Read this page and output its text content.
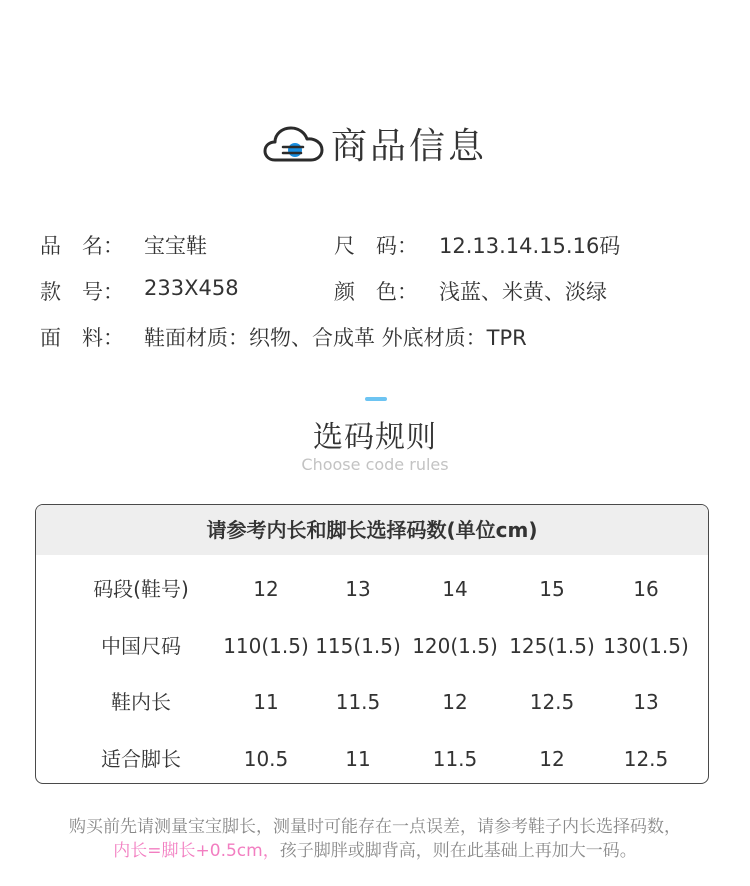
商品信息
品　名： 宝宝鞋	尺　码： 12.13.14.15.16码
款　号： 233X458	颜　色： 浅蓝、米黄、淡绿
面　料： 鞋面材质：织物、合成革 外底材质：TPR
选码规则
Choose code rules
请参考内长和脚长选择码数(单位cm)
码段(鞋号)	12	13	14	15	16
中国尺码	110(1.5) 115(1.5) 120(1.5) 125(1.5) 130(1.5)
鞋内长	11	11.5	12	12.5	13
适合脚长	10.5	11	11.5	12	12.5
购买前先请测量宝宝脚长，测量时可能存在一点误差，请参考鞋子内长选择码数，
内长=脚长+0.5cm，孩子脚胖或脚背高，则在此基础上再加大一码。
